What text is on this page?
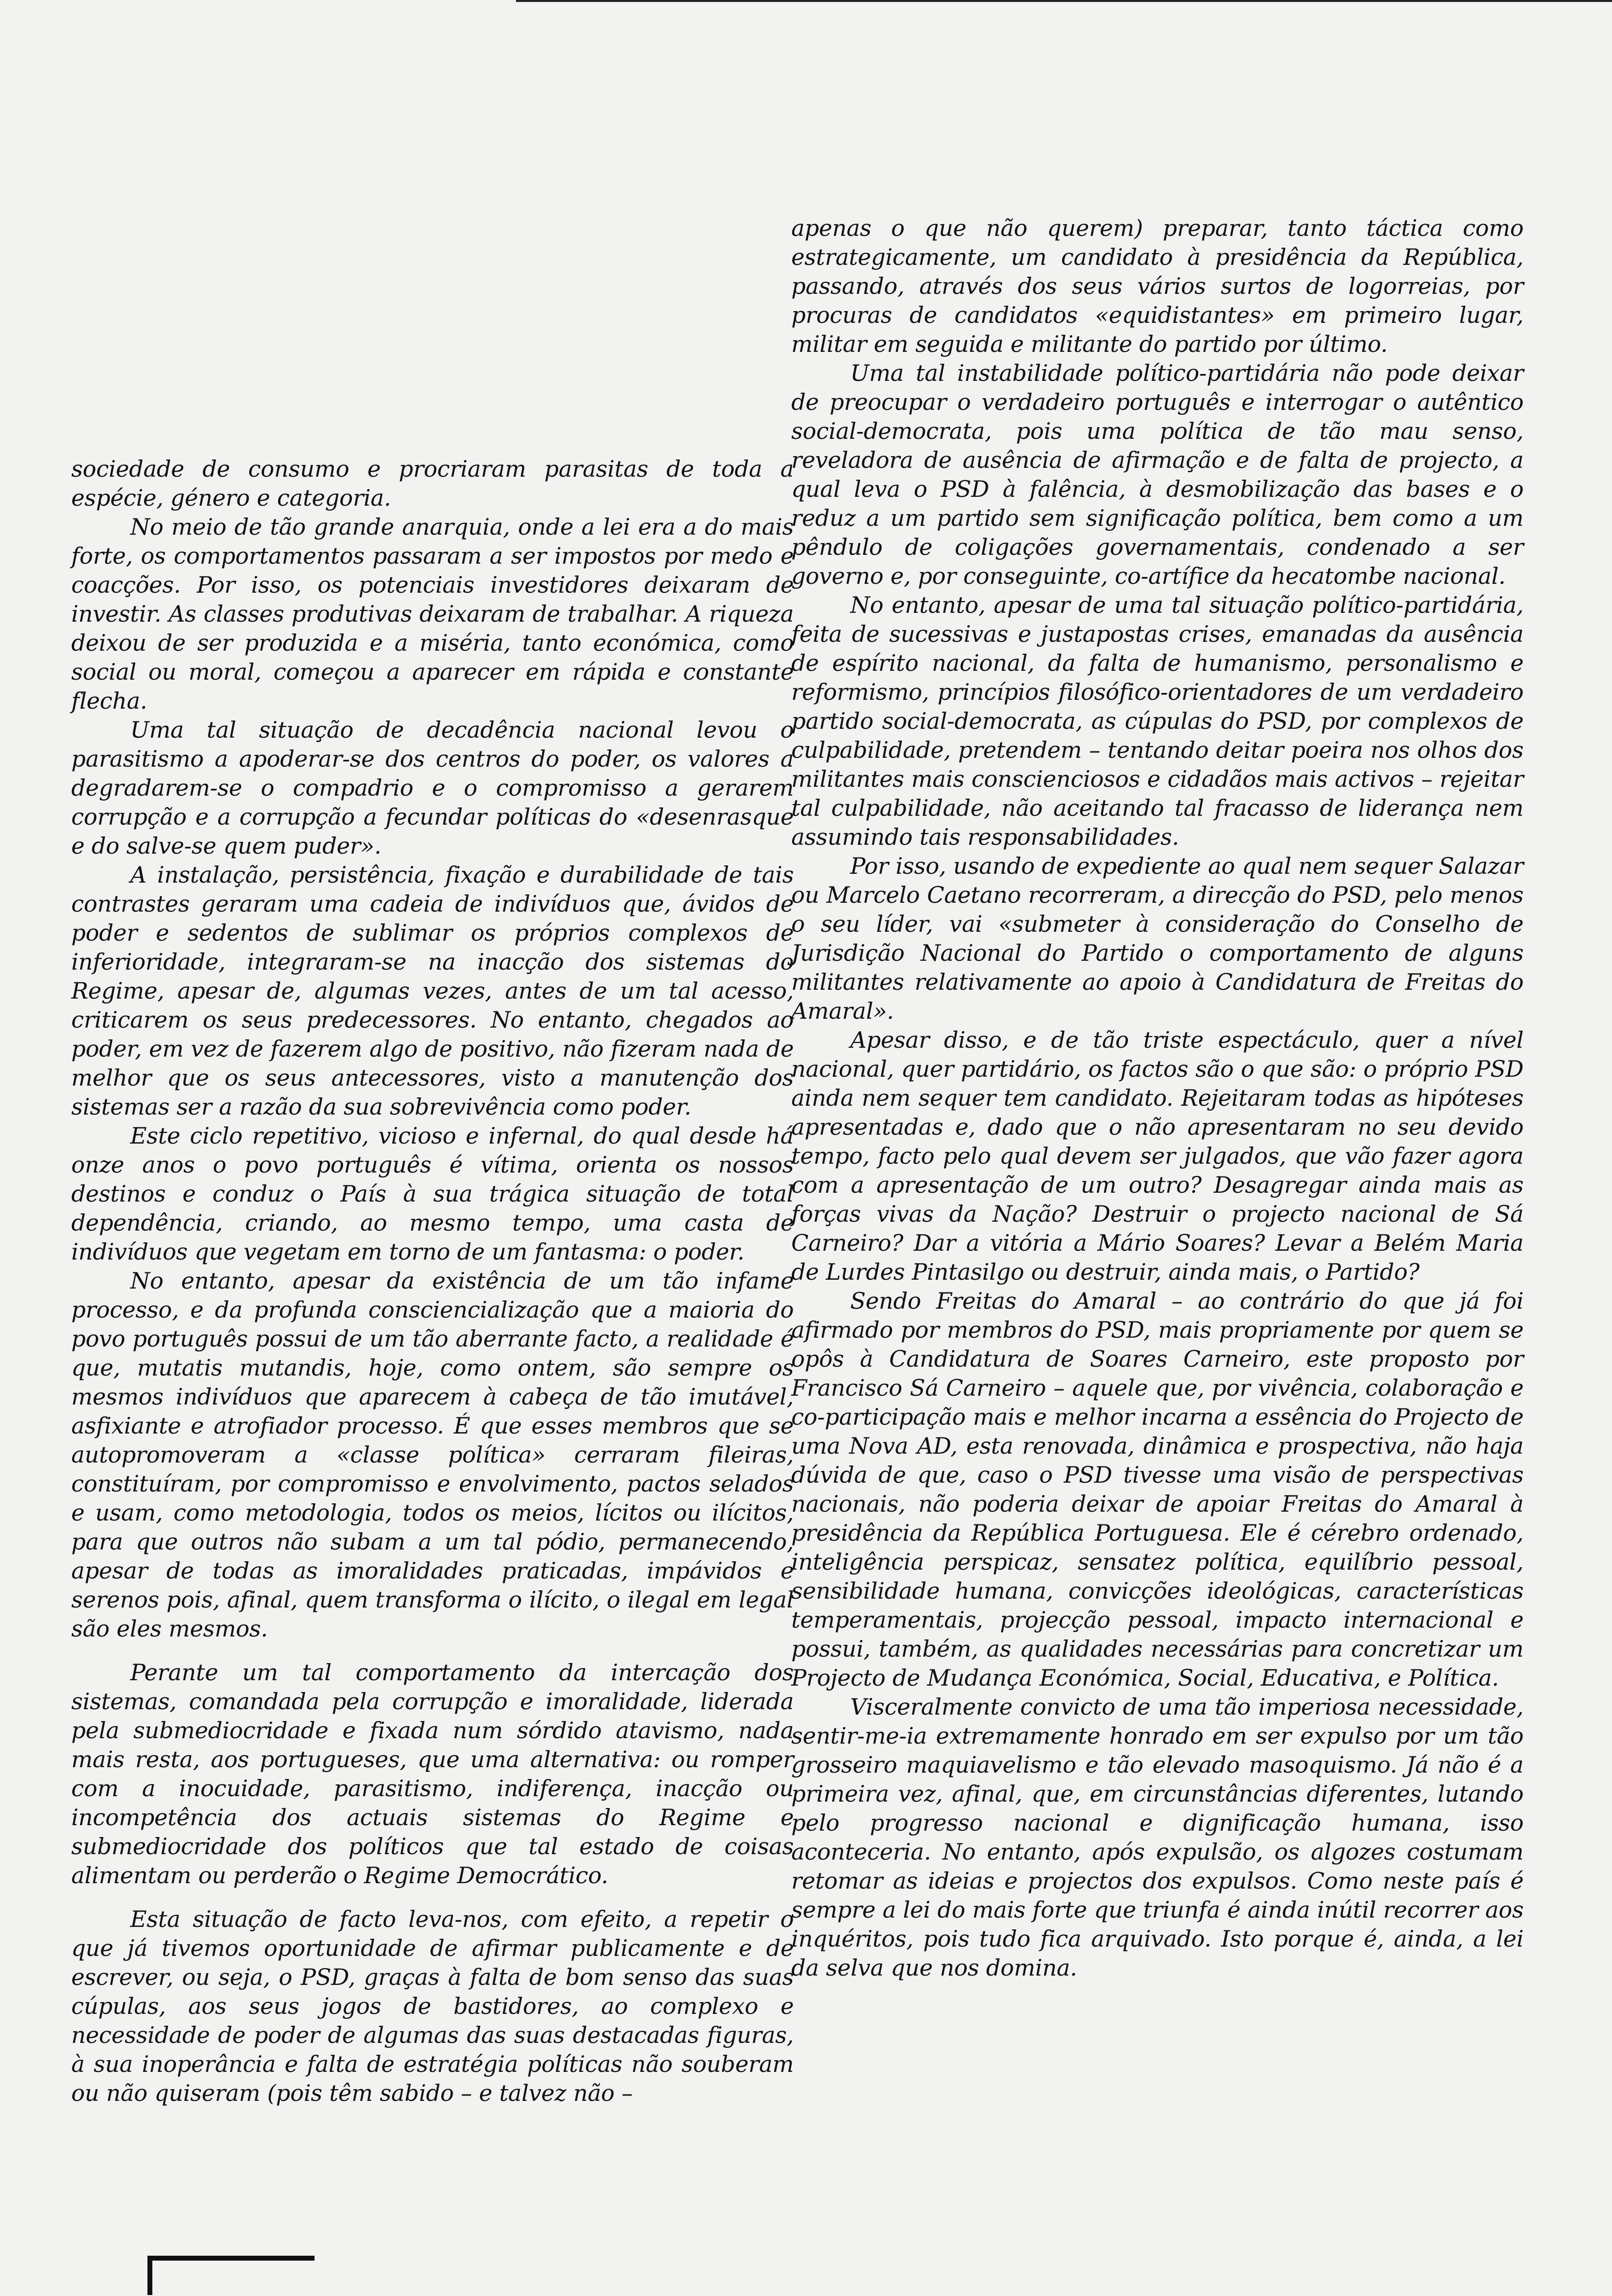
sociedade de consumo e procriaram parasitas de toda a espécie, género e categoria.

No meio de tão grande anarquia, onde a lei era a do mais forte, os comportamentos passaram a ser impostos por medo e coacções. Por isso, os potenciais investidores deixaram de investir. As classes produtivas deixaram de trabalhar. A riqueza deixou de ser produzida e a miséria, tanto económica, como social ou moral, começou a aparecer em rápida e constante flecha.

Uma tal situação de decadência nacional levou o parasitismo a apoderar-se dos centros do poder, os valores a degradarem-se o compadrio e o compromisso a gerarem corrupção e a corrupção a fecundar políticas do «desenrasque e do salve-se quem puder».

A instalação, persistência, fixação e durabilidade de tais contrastes geraram uma cadeia de indivíduos que, ávidos de poder e sedentos de sublimar os próprios complexos de inferioridade, integraram-se na inacção dos sistemas do Regime, apesar de, algumas vezes, antes de um tal acesso, criticarem os seus predecessores. No entanto, chegados ao poder, em vez de fazerem algo de positivo, não fizeram nada de melhor que os seus antecessores, visto a manutenção dos sistemas ser a razão da sua sobrevivência como poder.

Este ciclo repetitivo, vicioso e infernal, do qual desde há onze anos o povo português é vítima, orienta os nossos destinos e conduz o País à sua trágica situação de total dependência, criando, ao mesmo tempo, uma casta de indivíduos que vegetam em torno de um fantasma: o poder.

No entanto, apesar da existência de um tão infame processo, e da profunda consciencialização que a maioria do povo português possui de um tão aberrante facto, a realidade é que, mutatis mutandis, hoje, como ontem, são sempre os mesmos indivíduos que aparecem à cabeça de tão imutável, asfixiante e atrofiador processo. É que esses membros que se autopromoveram a «classe política» cerraram fileiras, constituíram, por compromisso e envolvimento, pactos selados e usam, como metodologia, todos os meios, lícitos ou ilícitos, para que outros não subam a um tal pódio, permanecendo, apesar de todas as imoralidades praticadas, impávidos e serenos pois, afinal, quem transforma o ilícito, o ilegal em legal são eles mesmos.

Perante um tal comportamento da intercação dos sistemas, comandada pela corrupção e imoralidade, liderada pela submediocridade e fixada num sórdido atavismo, nada mais resta, aos portugueses, que uma alternativa: ou romper com a inocuidade, parasitismo, indiferença, inacção ou incompetência dos actuais sistemas do Regime e submediocridade dos políticos que tal estado de coisas alimentam ou perderão o Regime Democrático.

Esta situação de facto leva-nos, com efeito, a repetir o que já tivemos oportunidade de afirmar publicamente e de escrever, ou seja, o PSD, graças à falta de bom senso das suas cúpulas, aos seus jogos de bastidores, ao complexo e necessidade de poder de algumas das suas destacadas figuras, à sua inoperância e falta de estratégia políticas não souberam ou não quiseram (pois têm sabido – e talvez não –

apenas o que não querem) preparar, tanto táctica como estrategicamente, um candidato à presidência da República, passando, através dos seus vários surtos de logorreias, por procuras de candidatos «equidistantes» em primeiro lugar, militar em seguida e militante do partido por último.

Uma tal instabilidade político-partidária não pode deixar de preocupar o verdadeiro português e interrogar o autêntico social-democrata, pois uma política de tão mau senso, reveladora de ausência de afirmação e de falta de projecto, a qual leva o PSD à falência, à desmobilização das bases e o reduz a um partido sem significação política, bem como a um pêndulo de coligações governamentais, condenado a ser governo e, por conseguinte, co-artífice da hecatombe nacional.

No entanto, apesar de uma tal situação político-partidária, feita de sucessivas e justapostas crises, emanadas da ausência de espírito nacional, da falta de humanismo, personalismo e reformismo, princípios filosófico-orientadores de um verdadeiro partido social-democrata, as cúpulas do PSD, por complexos de culpabilidade, pretendem – tentando deitar poeira nos olhos dos militantes mais conscienciosos e cidadãos mais activos – rejeitar tal culpabilidade, não aceitando tal fracasso de liderança nem assumindo tais responsabilidades.

Por isso, usando de expediente ao qual nem sequer Salazar ou Marcelo Caetano recorreram, a direcção do PSD, pelo menos o seu líder, vai «submeter à consideração do Conselho de Jurisdição Nacional do Partido o comportamento de alguns militantes relativamente ao apoio à Candidatura de Freitas do Amaral».

Apesar disso, e de tão triste espectáculo, quer a nível nacional, quer partidário, os factos são o que são: o próprio PSD ainda nem sequer tem candidato. Rejeitaram todas as hipóteses apresentadas e, dado que o não apresentaram no seu devido tempo, facto pelo qual devem ser julgados, que vão fazer agora com a apresentação de um outro? Desagregar ainda mais as forças vivas da Nação? Destruir o projecto nacional de Sá Carneiro? Dar a vitória a Mário Soares? Levar a Belém Maria de Lurdes Pintasilgo ou destruir, ainda mais, o Partido?

Sendo Freitas do Amaral – ao contrário do que já foi afirmado por membros do PSD, mais propriamente por quem se opôs à Candidatura de Soares Carneiro, este proposto por Francisco Sá Carneiro – aquele que, por vivência, colaboração e co-participação mais e melhor incarna a essência do Projecto de uma Nova AD, esta renovada, dinâmica e prospectiva, não haja dúvida de que, caso o PSD tivesse uma visão de perspectivas nacionais, não poderia deixar de apoiar Freitas do Amaral à presidência da República Portuguesa. Ele é cérebro ordenado, inteligência perspicaz, sensatez política, equilíbrio pessoal, sensibilidade humana, convicções ideológicas, características temperamentais, projecção pessoal, impacto internacional e possui, também, as qualidades necessárias para concretizar um Projecto de Mudança Económica, Social, Educativa, e Política.

Visceralmente convicto de uma tão imperiosa necessidade, sentir-me-ia extremamente honrado em ser expulso por um tão grosseiro maquiavelismo e tão elevado masoquismo. Já não é a primeira vez, afinal, que, em circunstâncias diferentes, lutando pelo progresso nacional e dignificação humana, isso aconteceria. No entanto, após expulsão, os algozes costumam retomar as ideias e projectos dos expulsos. Como neste país é sempre a lei do mais forte que triunfa é ainda inútil recorrer aos inquéritos, pois tudo fica arquivado. Isto porque é, ainda, a lei da selva que nos domina.
